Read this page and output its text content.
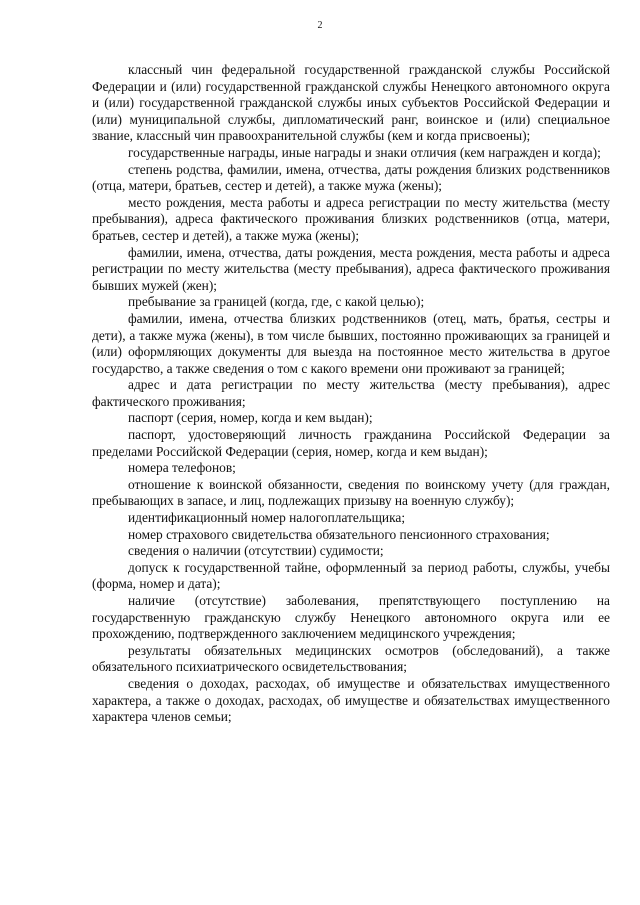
2

классный чин федеральной государственной гражданской службы Российской Федерации и (или) государственной гражданской службы Ненецкого автономного округа и (или) государственной гражданской службы иных субъектов Российской Федерации и (или) муниципальной службы, дипломатический ранг, воинское и (или) специальное звание, классный чин правоохранительной службы (кем и когда присвоены);

государственные награды, иные награды и знаки отличия (кем награжден и когда);

степень родства, фамилии, имена, отчества, даты рождения близких родственников (отца, матери, братьев, сестер и детей), а также мужа (жены);

место рождения, места работы и адреса регистрации по месту жительства (месту пребывания), адреса фактического проживания близких родственников (отца, матери, братьев, сестер и детей), а также мужа (жены);

фамилии, имена, отчества, даты рождения, места рождения, места работы и адреса регистрации по месту жительства (месту пребывания), адреса фактического проживания бывших мужей (жен);

пребывание за границей (когда, где, с какой целью);

фамилии, имена, отчества близких родственников (отец, мать, братья, сестры и дети), а также мужа (жены), в том числе бывших, постоянно проживающих за границей и (или) оформляющих документы для выезда на постоянное место жительства в другое государство, а также сведения о том с какого времени они проживают за границей;

адрес и дата регистрации по месту жительства (месту пребывания), адрес фактического проживания;

паспорт (серия, номер, когда и кем выдан);

паспорт, удостоверяющий личность гражданина Российской Федерации за пределами Российской Федерации (серия, номер, когда и кем выдан);

номера телефонов;

отношение к воинской обязанности, сведения по воинскому учету (для граждан, пребывающих в запасе, и лиц, подлежащих призыву на военную службу);

идентификационный номер налогоплательщика;

номер страхового свидетельства обязательного пенсионного страхования;

сведения о наличии (отсутствии) судимости;

допуск к государственной тайне, оформленный за период работы, службы, учебы (форма, номер и дата);

наличие (отсутствие) заболевания, препятствующего поступлению на государственную гражданскую службу Ненецкого автономного округа или ее прохождению, подтвержденного заключением медицинского учреждения;

результаты обязательных медицинских осмотров (обследований), а также обязательного психиатрического освидетельствования;

сведения о доходах, расходах, об имуществе и обязательствах имущественного характера, а также о доходах, расходах, об имуществе и обязательствах имущественного характера членов семьи;
